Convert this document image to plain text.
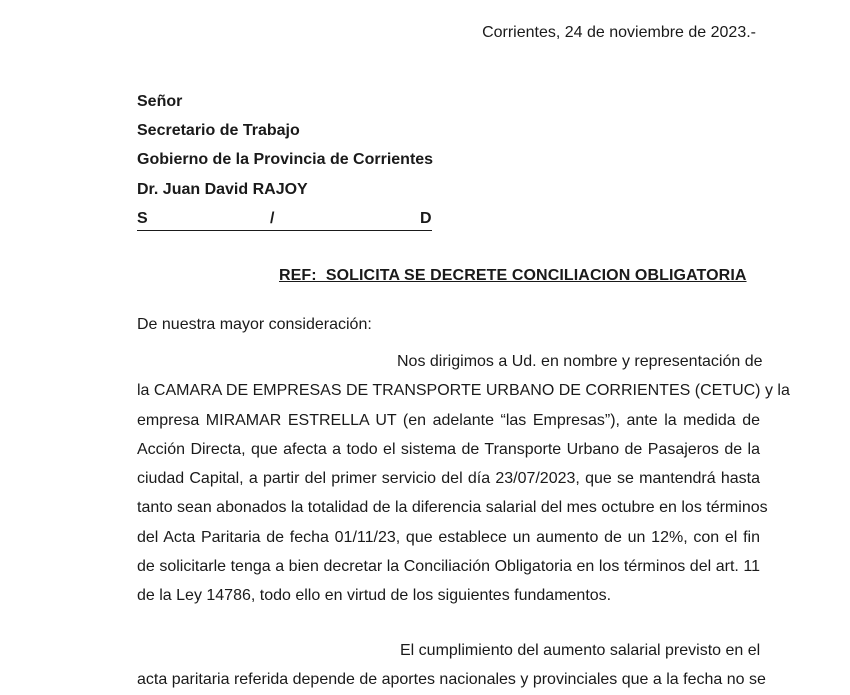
Corrientes, 24 de noviembre de 2023.-
Señor
Secretario de Trabajo
Gobierno de la Provincia de Corrientes
Dr. Juan David RAJOY
S	/	D
REF:  SOLICITA SE DECRETE CONCILIACION OBLIGATORIA
De nuestra mayor consideración:
Nos dirigimos a Ud. en nombre y representación de
la CAMARA DE EMPRESAS DE TRANSPORTE URBANO DE CORRIENTES (CETUC) y la
empresa MIRAMAR ESTRELLA UT (en adelante “las Empresas”), ante la medida de
Acción Directa, que afecta a todo el sistema de Transporte Urbano de Pasajeros de la
ciudad Capital, a partir del primer servicio del día 23/07/2023, que se mantendrá hasta
tanto sean abonados la totalidad de la diferencia salarial del mes octubre en los términos
del Acta Paritaria de fecha 01/11/23, que establece un aumento de un 12%, con el fin
de solicitarle tenga a bien decretar la Conciliación Obligatoria en los términos del art. 11
de la Ley 14786, todo ello en virtud de los siguientes fundamentos.
El cumplimiento del aumento salarial previsto en el
acta paritaria referida depende de aportes nacionales y provinciales que a la fecha no se
